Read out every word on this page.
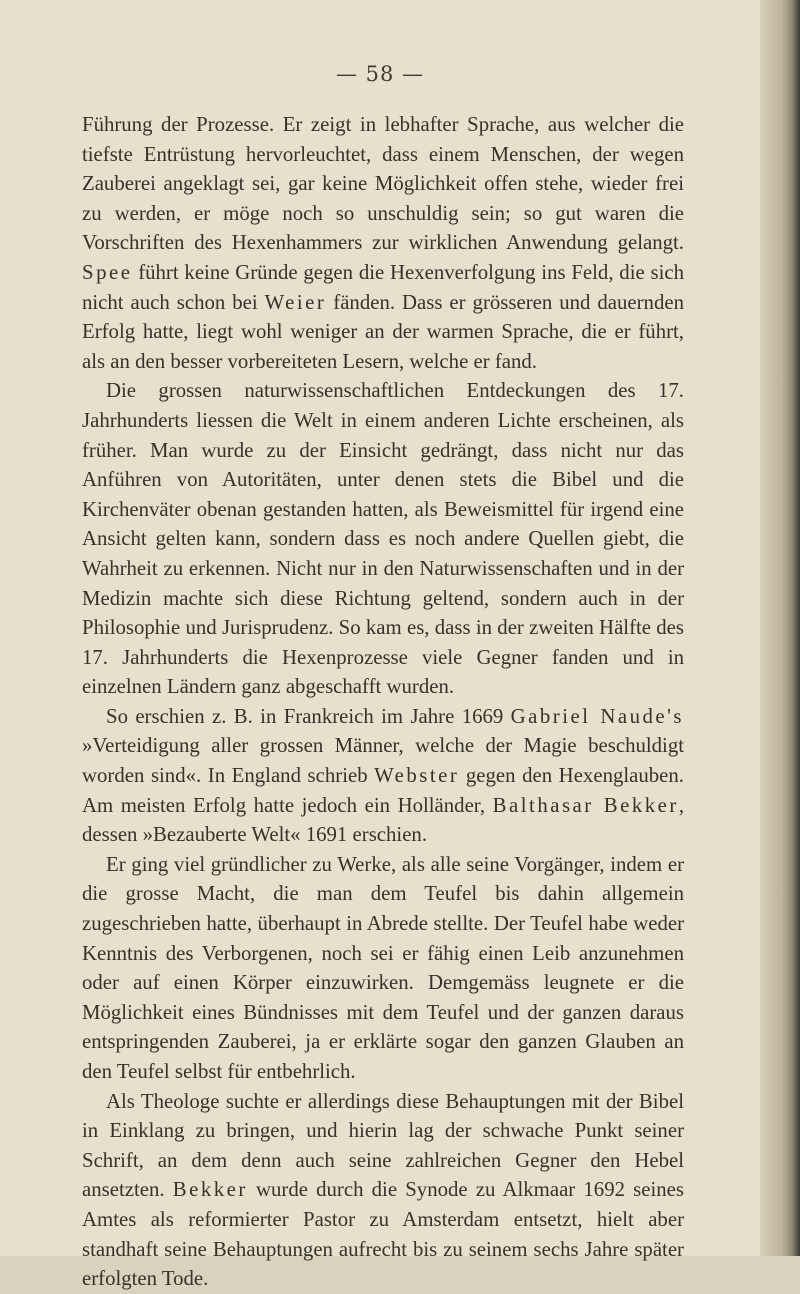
— 58 —

Führung der Prozesse. Er zeigt in lebhafter Sprache, aus welcher die tiefste Entrüstung hervorleuchtet, dass einem Menschen, der wegen Zauberei angeklagt sei, gar keine Möglichkeit offen stehe, wieder frei zu werden, er möge noch so unschuldig sein; so gut waren die Vorschriften des Hexenhammers zur wirklichen Anwendung gelangt. Spee führt keine Gründe gegen die Hexenverfolgung ins Feld, die sich nicht auch schon bei Weier fänden. Dass er grösseren und dauernden Erfolg hatte, liegt wohl weniger an der warmen Sprache, die er führt, als an den besser vorbereiteten Lesern, welche er fand.

Die grossen naturwissenschaftlichen Entdeckungen des 17. Jahrhunderts liessen die Welt in einem anderen Lichte erscheinen, als früher. Man wurde zu der Einsicht gedrängt, dass nicht nur das Anführen von Autoritäten, unter denen stets die Bibel und die Kirchenväter obenan gestanden hatten, als Beweismittel für irgend eine Ansicht gelten kann, sondern dass es noch andere Quellen giebt, die Wahrheit zu erkennen. Nicht nur in den Naturwissenschaften und in der Medizin machte sich diese Richtung geltend, sondern auch in der Philosophie und Jurisprudenz. So kam es, dass in der zweiten Hälfte des 17. Jahrhunderts die Hexenprozesse viele Gegner fanden und in einzelnen Ländern ganz abgeschafft wurden.

So erschien z. B. in Frankreich im Jahre 1669 Gabriel Naude's »Verteidigung aller grossen Männer, welche der Magie beschuldigt worden sind«. In England schrieb Webster gegen den Hexenglauben. Am meisten Erfolg hatte jedoch ein Holländer, Balthasar Bekker, dessen »Bezauberte Welt« 1691 erschien.

Er ging viel gründlicher zu Werke, als alle seine Vorgänger, indem er die grosse Macht, die man dem Teufel bis dahin allgemein zugeschrieben hatte, überhaupt in Abrede stellte. Der Teufel habe weder Kenntnis des Verborgenen, noch sei er fähig einen Leib anzunehmen oder auf einen Körper einzuwirken. Demgemäss leugnete er die Möglichkeit eines Bündnisses mit dem Teufel und der ganzen daraus entspringenden Zauberei, ja er erklärte sogar den ganzen Glauben an den Teufel selbst für entbehrlich.

Als Theologe suchte er allerdings diese Behauptungen mit der Bibel in Einklang zu bringen, und hierin lag der schwache Punkt seiner Schrift, an dem denn auch seine zahlreichen Gegner den Hebel ansetzten. Bekker wurde durch die Synode zu Alkmaar 1692 seines Amtes als reformierter Pastor zu Amsterdam entsetzt, hielt aber standhaft seine Behauptungen aufrecht bis zu seinem sechs Jahre später erfolgten Tode.
